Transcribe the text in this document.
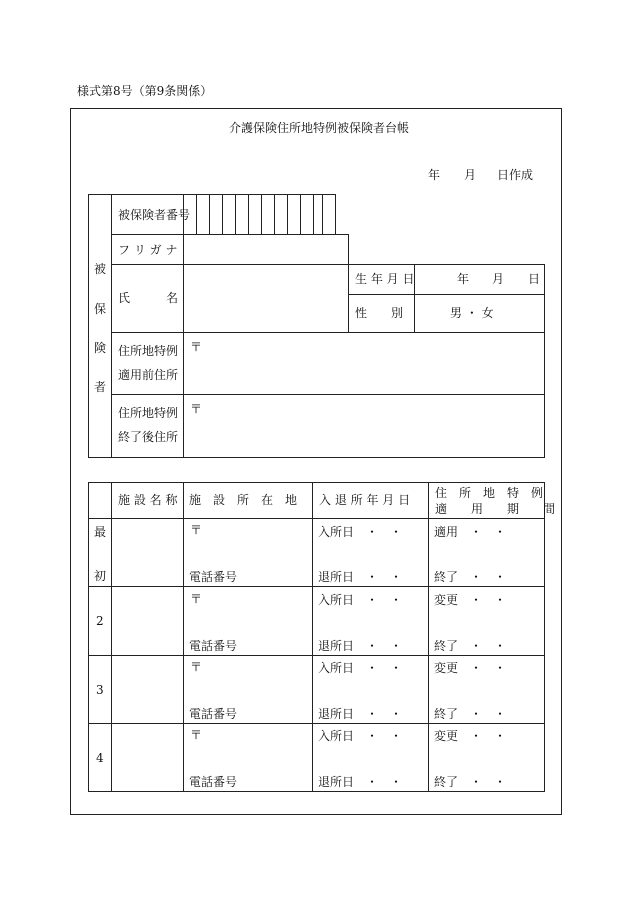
様式第8号（第9条関係）
介護保険住所地特例被保険者台帳
年 月 日作成
被
保
険
者
被保険者番号
フ リ ガ ナ
氏　　　名
生 年 月 日	年 月 日
性　　別	男 ・ 女
住所地特例
適用前住所
〒
住所地特例
終了後住所
〒
施 設 名 称 施　設　所　在　地 入 退 所 年 月 日 住　所　地　特　例
適　　用　　期　　間
最
初
〒
電話番号
入所日　・　・
退所日　・　・
適用　・　・
終了　・　・
2
〒
電話番号
入所日　・　・
退所日　・　・
変更　・　・
終了　・　・
3
〒
電話番号
入所日　・　・
退所日　・　・
変更　・　・
終了　・　・
4
〒
電話番号
入所日　・　・
退所日　・　・
変更　・　・
終了　・　・
